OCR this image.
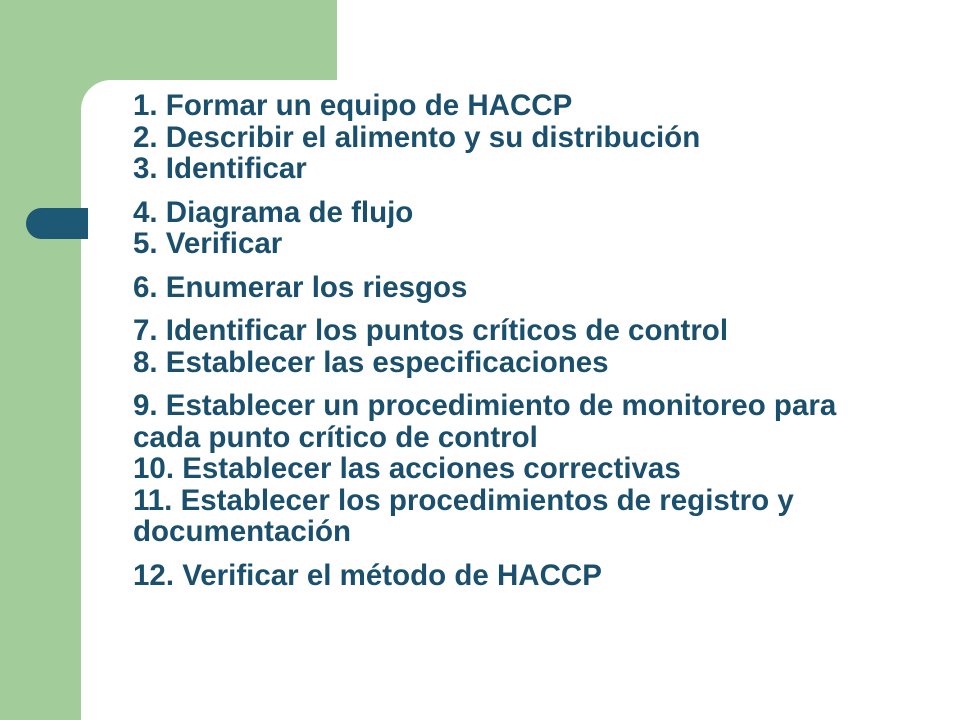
1. Formar un equipo de HACCP
2. Describir el alimento y su distribución
3. Identificar
4. Diagrama de flujo
5. Verificar
6. Enumerar los riesgos
7. Identificar los puntos críticos de control
8. Establecer las especificaciones
9. Establecer un procedimiento de monitoreo para cada punto crítico de control
10. Establecer las acciones correctivas
11. Establecer los procedimientos de registro y documentación
12. Verificar el método de HACCP
